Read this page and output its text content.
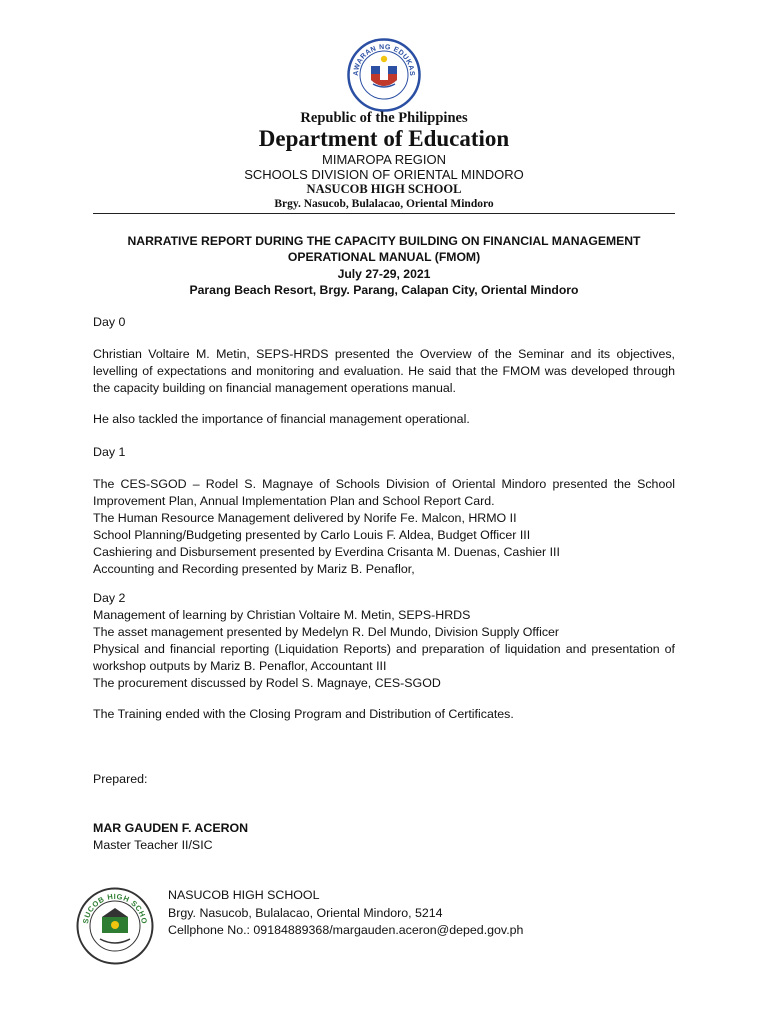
AWARAN NG EDUKAS
Republic of the Philippines
Department of Education
MIMAROPA REGION
SCHOOLS DIVISION OF ORIENTAL MINDORO
NASUCOB HIGH SCHOOL
Brgy. Nasucob, Bulalacao, Oriental Mindoro
NARRATIVE REPORT DURING THE CAPACITY BUILDING ON FINANCIAL MANAGEMENT
OPERATIONAL MANUAL (FMOM)
July 27-29, 2021
Parang Beach Resort, Brgy. Parang, Calapan City, Oriental Mindoro
Day 0

Christian Voltaire M. Metin, SEPS-HRDS presented the Overview of the Seminar and its objectives, levelling of expectations and monitoring and evaluation. He said that the FMOM was developed through the capacity building on financial management operations manual.

He also tackled the importance of financial management operational.
Day 1

The CES-SGOD – Rodel S. Magnaye of Schools Division of Oriental Mindoro presented the School Improvement Plan, Annual Implementation Plan and School Report Card.

The Human Resource Management delivered by Norife Fe. Malcon, HRMO II
School Planning/Budgeting presented by Carlo Louis F. Aldea, Budget Officer III
Cashiering and Disbursement presented by Everdina Crisanta M. Duenas, Cashier III
Accounting and Recording presented by Mariz B. Penaflor,
Day 2
Management of learning by Christian Voltaire M. Metin, SEPS-HRDS
The asset management presented by Medelyn R. Del Mundo, Division Supply Officer

Physical and financial reporting (Liquidation Reports) and preparation of liquidation and presentation of workshop outputs by Mariz B. Penaflor, Accountant III

The procurement discussed by Rodel S. Magnaye, CES-SGOD
The Training ended with the Closing Program and Distribution of Certificates.
Prepared:
MAR GAUDEN F. ACERON
Master Teacher II/SIC
SUCOB HIGH SCHO
NASUCOB HIGH SCHOOL
Brgy. Nasucob, Bulalacao, Oriental Mindoro, 5214
Cellphone No.: 09184889368/margauden.aceron@deped.gov.ph
